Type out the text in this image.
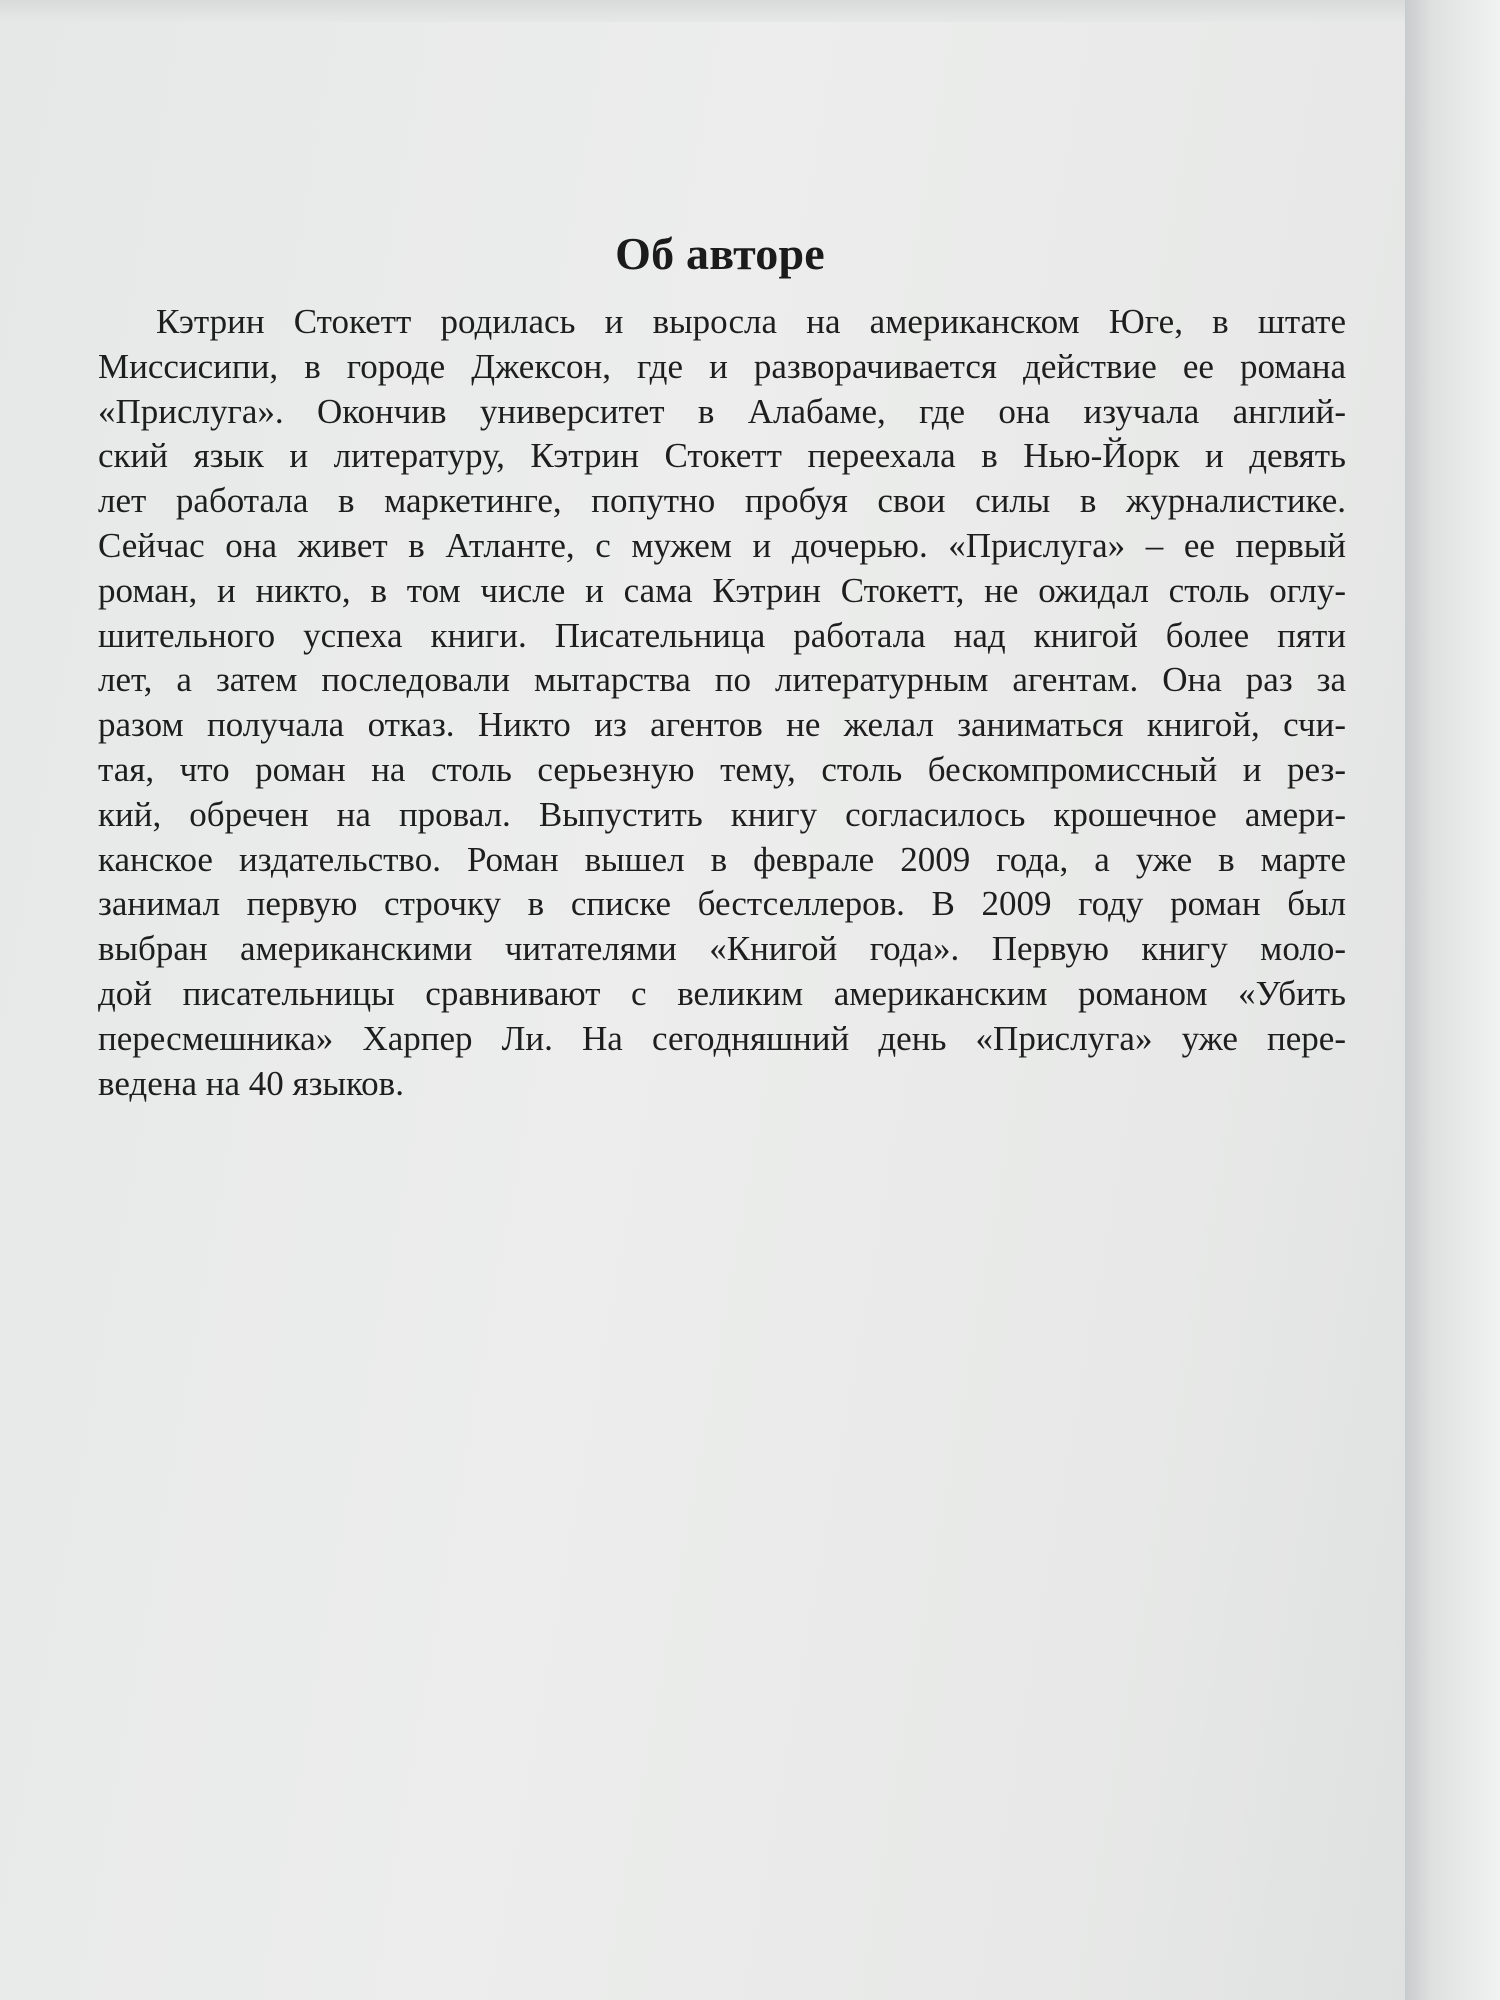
Об авторе
Кэтрин Стокетт родилась и выросла на американском Юге, в штате
Миссисипи, в городе Джексон, где и разворачивается действие ее романа
«Прислуга». Окончив университет в Алабаме, где она изучала англий-
ский язык и литературу, Кэтрин Стокетт переехала в Нью-Йорк и девять
лет работала в маркетинге, попутно пробуя свои силы в журналистике.
Сейчас она живет в Атланте, с мужем и дочерью. «Прислуга» – ее первый
роман, и никто, в том числе и сама Кэтрин Стокетт, не ожидал столь оглу-
шительного успеха книги. Писательница работала над книгой более пяти
лет, а затем последовали мытарства по литературным агентам. Она раз за
разом получала отказ. Никто из агентов не желал заниматься книгой, счи-
тая, что роман на столь серьезную тему, столь бескомпромиссный и рез-
кий, обречен на провал. Выпустить книгу согласилось крошечное амери-
канское издательство. Роман вышел в феврале 2009 года, а уже в марте
занимал первую строчку в списке бестселлеров. В 2009 году роман был
выбран американскими читателями «Книгой года». Первую книгу моло-
дой писательницы сравнивают с великим американским романом «Убить
пересмешника» Харпер Ли. На сегодняшний день «Прислуга» уже пере-
ведена на 40 языков.
